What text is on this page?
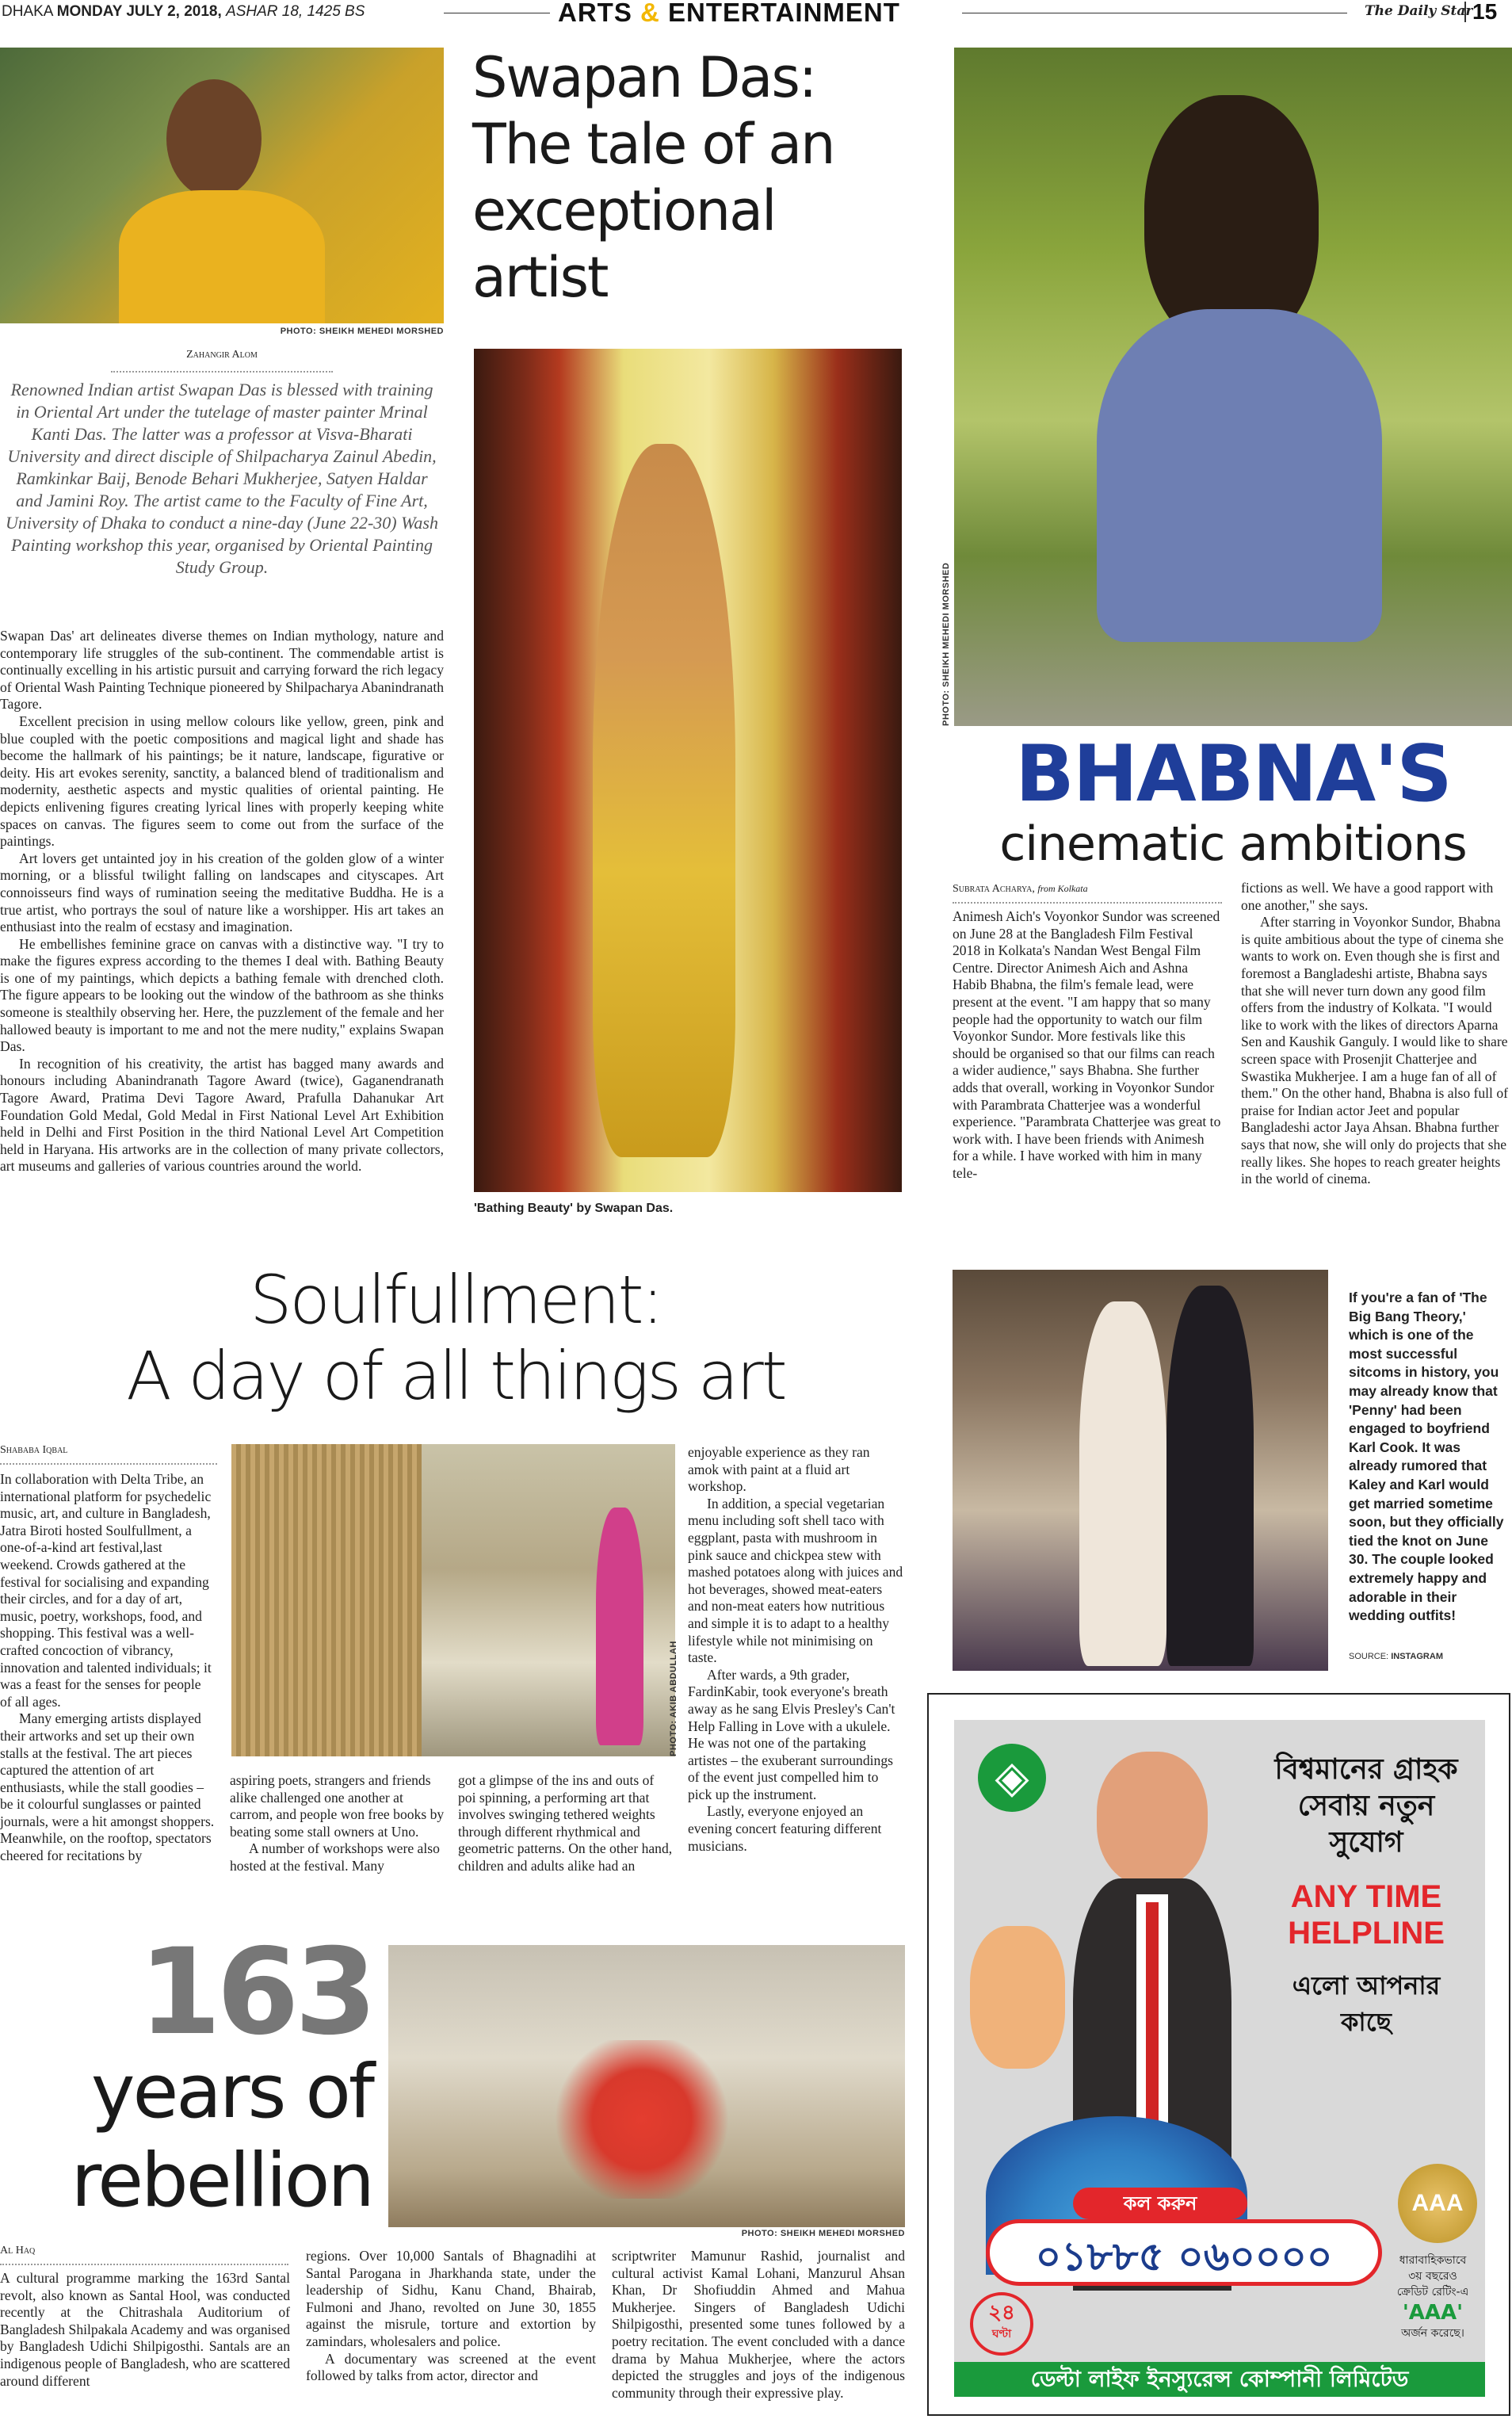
DHAKA MONDAY JULY 2, 2018, ASHAR 18, 1425 BS	ARTS & ENTERTAINMENT	The Daily Star 15
PHOTO: SHEIKH MEHEDI MORSHED
Swapan Das:
The tale of an
exceptional artist
Zahangir Alom
Renowned Indian artist Swapan Das is blessed with training in Oriental Art under the tutelage of master painter Mrinal Kanti Das. The latter was a professor at Visva-Bharati University and direct disciple of Shilpacharya Zainul Abedin, Ramkinkar Baij, Benode Behari Mukherjee, Satyen Haldar and Jamini Roy. The artist came to the Faculty of Fine Art, University of Dhaka to conduct a nine-day (June 22-30) Wash Painting workshop this year, organised by Oriental Painting Study Group.

Swapan Das' art delineates diverse themes on Indian mythology, nature and contemporary life struggles of the sub-continent. The commendable artist is continually excelling in his artistic pursuit and carrying forward the rich legacy of Oriental Wash Painting Technique pioneered by Shilpacharya Abanindranath Tagore.

Excellent precision in using mellow colours like yellow, green, pink and blue coupled with the poetic compositions and magical light and shade has become the hallmark of his paintings; be it nature, landscape, figurative or deity. His art evokes serenity, sanctity, a balanced blend of traditionalism and modernity, aesthetic aspects and mystic qualities of oriental painting. He depicts enlivening figures creating lyrical lines with properly keeping white spaces on canvas. The figures seem to come out from the surface of the paintings.

Art lovers get untainted joy in his creation of the golden glow of a winter morning, or a blissful twilight falling on landscapes and cityscapes. Art connoisseurs find ways of rumination seeing the meditative Buddha. He is a true artist, who portrays the soul of nature like a worshipper. His art takes an enthusiast into the realm of ecstasy and imagination.

He embellishes feminine grace on canvas with a distinctive way. "I try to make the figures express according to the themes I deal with. Bathing Beauty is one of my paintings, which depicts a bathing female with drenched cloth. The figure appears to be looking out the window of the bathroom as she thinks someone is stealthily observing her. Here, the puzzlement of the female and her hallowed beauty is important to me and not the mere nudity," explains Swapan Das.

In recognition of his creativity, the artist has bagged many awards and honours including Abanindranath Tagore Award (twice), Gaganendranath Tagore Award, Pratima Devi Tagore Award, Prafulla Dahanukar Art Foundation Gold Medal, Gold Medal in First National Level Art Exhibition held in Delhi and First Position in the third National Level Art Competition held in Haryana. His artworks are in the collection of many private collectors, art museums and galleries of various countries around the world.

'Bathing Beauty' by Swapan Das.
PHOTO: SHEIKH MEHEDI MORSHED
BHABNA'S
cinematic ambitions
Subrata Acharya, from Kolkata

Animesh Aich's Voyonkor Sundor was screened on June 28 at the Bangladesh Film Festival 2018 in Kolkata's Nandan West Bengal Film Centre. Director Animesh Aich and Ashna Habib Bhabna, the film's female lead, were present at the event. "I am happy that so many people had the opportunity to watch our film Voyonkor Sundor. More festivals like this should be organised so that our films can reach a wider audience," says Bhabna. She further adds that overall, working in Voyonkor Sundor with Parambrata Chatterjee was a wonderful experience. "Parambrata Chatterjee was great to work with. I have been friends with Animesh for a while. I have worked with him in many tele-

fictions as well. We have a good rapport with one another," she says.

After starring in Voyonkor Sundor, Bhabna is quite ambitious about the type of cinema she wants to work on. Even though she is first and foremost a Bangladeshi artiste, Bhabna says that she will never turn down any good film offers from the industry of Kolkata. "I would like to work with the likes of directors Aparna Sen and Kaushik Ganguly. I would like to share screen space with Prosenjit Chatterjee and Swastika Mukherjee. I am a huge fan of all of them." On the other hand, Bhabna is also full of praise for Indian actor Jeet and popular Bangladeshi actor Jaya Ahsan. Bhabna further says that now, she will only do projects that she really likes. She hopes to reach greater heights in the world of cinema.

Soulfullment:
A day of all things art
Shababa Iqbal

In collaboration with Delta Tribe, an international platform for psychedelic music, art, and culture in Bangladesh, Jatra Biroti hosted Soulfullment, a one-of-a-kind art festival,last weekend. Crowds gathered at the festival for socialising and expanding their circles, and for a day of art, music, poetry, workshops, food, and shopping. This festival was a well-crafted concoction of vibrancy, innovation and talented individuals; it was a feast for the senses for people of all ages.

Many emerging artists displayed their artworks and set up their own stalls at the festival. The art pieces captured the attention of art enthusiasts, while the stall goodies – be it colourful sunglasses or painted journals, were a hit amongst shoppers. Meanwhile, on the rooftop, spectators cheered for recitations by

PHOTO: AKIB ABDULLAH

aspiring poets, strangers and friends alike challenged one another at carrom, and people won free books by beating some stall owners at Uno.

A number of workshops were also hosted at the festival. Many

got a glimpse of the ins and outs of poi spinning, a performing art that involves swinging tethered weights through different rhythmical and geometric patterns. On the other hand, children and adults alike had an

enjoyable experience as they ran amok with paint at a fluid art workshop.

In addition, a special vegetarian menu including soft shell taco with eggplant, pasta with mushroom in pink sauce and chickpea stew with mashed potatoes along with juices and hot beverages, showed meat-eaters and non-meat eaters how nutritious and simple it is to adapt to a healthy lifestyle while not minimising on taste.

After wards, a 9th grader, FardinKabir, took everyone's breath away as he sang Elvis Presley's Can't Help Falling in Love with a ukulele. He was not one of the partaking artistes – the exuberant surroundings of the event just compelled him to pick up the instrument.

Lastly, everyone enjoyed an evening concert featuring different musicians.

If you're a fan of 'The Big Bang Theory,' which is one of the most successful sitcoms in history, you may already know that 'Penny' had been engaged to boyfriend Karl Cook. It was already rumored that Kaley and Karl would get married sometime soon, but they officially tied the knot on June 30. The couple looked extremely happy and adorable in their wedding outfits!
SOURCE: INSTAGRAM
163
years of
rebellion
PHOTO: SHEIKH MEHEDI MORSHED
Al Haq

A cultural programme marking the 163rd Santal revolt, also known as Santal Hool, was conducted recently at the Chitrashala Auditorium of Bangladesh Shilpakala Academy and was organised by Bangladesh Udichi Shilpigosthi. Santals are an indigenous people of Bangladesh, who are scattered around different

regions. Over 10,000 Santals of Bhagnadihi at Santal Parogana in Jharkhanda state, under the leadership of Sidhu, Kanu Chand, Bhairab, Fulmoni and Jhano, revolted on June 30, 1855 against the misrule, torture and extortion by zamindars, wholesalers and police.

A documentary was screened at the event followed by talks from actor, director and

scriptwriter Mamunur Rashid, journalist and cultural activist Kamal Lohani, Manzurul Ahsan Khan, Dr Shofiuddin Ahmed and Mahua Mukherjee. Singers of Bangladesh Udichi Shilpigosthi, presented some tunes followed by a poetry recitation. The event concluded with a dance drama by Mahua Mukherjee, where the actors depicted the struggles and joys of the indigenous community through their expressive play.

◈	বিশ্বমানের গ্রাহক
সেবায় নতুন
সুযোগ
ANY TIME
HELPLINE
এলো আপনার
কাছে
AAA
কল করুন
০১৮৮৫ ০৬০০০০
২৪
ঘণ্টা
ধারাবাহিকভাবে
৩য় বছরেও
ক্রেডিট রেটিং-এ
'AAA'
অর্জন করেছে।
ডেল্টা লাইফ ইনস্যুরেন্স কোম্পানী লিমিটেড
